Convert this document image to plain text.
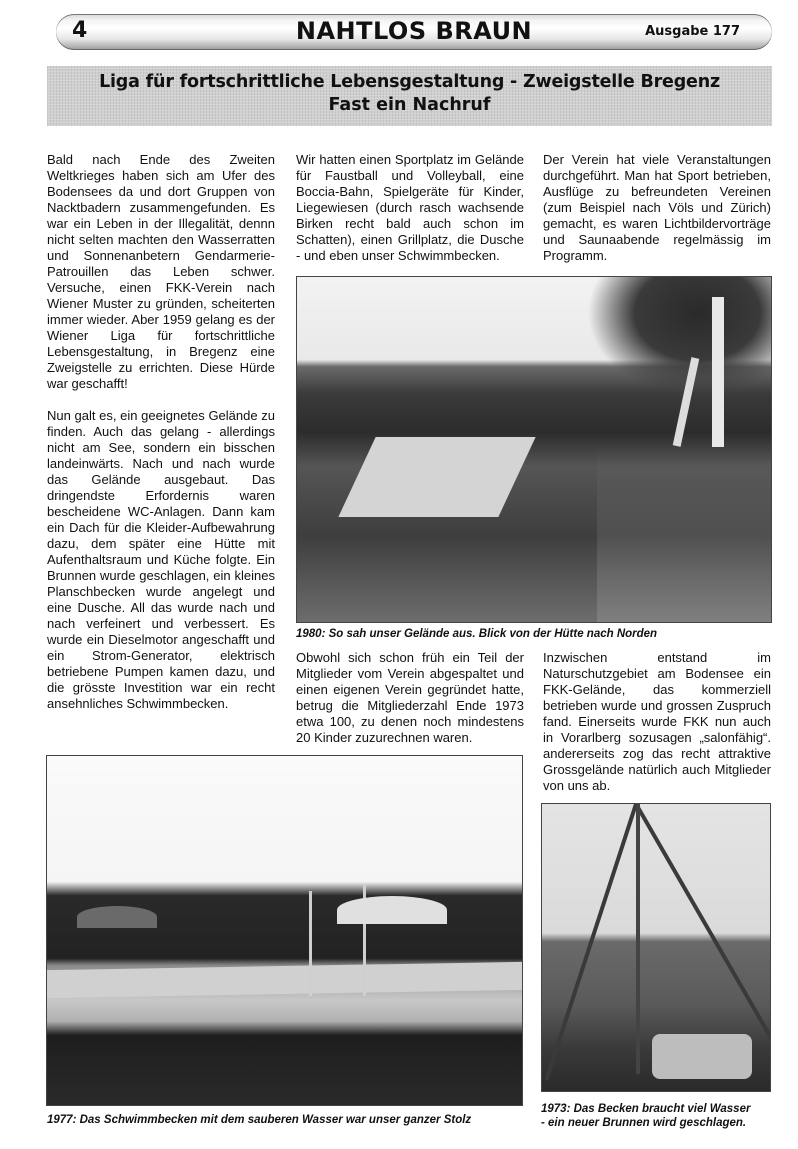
4	NAHTLOS BRAUN	Ausgabe 177
Liga für fortschrittliche Lebensgestaltung - Zweigstelle Bregenz
Fast ein Nachruf

Bald nach Ende des Zweiten Weltkrieges haben sich am Ufer des Bodensees da und dort Gruppen von Nacktbadern zusammengefunden. Es war ein Leben in der Illegalität, dennn nicht selten machten den Wasserratten und Sonnenanbetern Gendarmerie-Patrouillen das Leben schwer. Versuche, einen FKK-Verein nach Wiener Muster zu gründen, scheiterten immer wieder. Aber 1959 gelang es der Wiener Liga für fortschrittliche Lebensgestaltung, in Bregenz eine Zweigstelle zu errichten. Diese Hürde war geschafft!

Nun galt es, ein geeignetes Gelände zu finden. Auch das gelang - allerdings nicht am See, sondern ein bisschen landeinwärts. Nach und nach wurde das Gelände ausgebaut. Das dringendste Erfordernis waren bescheidene WC-Anlagen. Dann kam ein Dach für die Kleider-Aufbewahrung dazu, dem später eine Hütte mit Aufenthaltsraum und Küche folgte. Ein Brunnen wurde geschlagen, ein kleines Planschbecken wurde angelegt und eine Dusche. All das wurde nach und nach verfeinert und verbessert. Es wurde ein Dieselmotor angeschafft und ein Strom-Generator, elektrisch betriebene Pumpen kamen dazu, und die grösste Investition war ein recht ansehnliches Schwimmbecken.

Wir hatten einen Sportplatz im Gelände für Faustball und Volleyball, eine Boccia-Bahn, Spielgeräte für Kinder, Liegewiesen (durch rasch wachsende Birken recht bald auch schon im Schatten), einen Grillplatz, die Dusche - und eben unser Schwimmbecken.

Der Verein hat viele Veranstaltungen durchgeführt. Man hat Sport betrieben, Ausflüge zu befreundeten Vereinen (zum Beispiel nach Völs und Zürich) gemacht, es waren Lichtbildervorträge und Saunaabende regelmässig im Programm.

1980: So sah unser Gelände aus. Blick von der Hütte nach Norden

Obwohl sich schon früh ein Teil der Mitglieder vom Verein abgespaltet und einen eigenen Verein gegründet hatte, betrug die Mitgliederzahl Ende 1973 etwa 100, zu denen noch mindestens 20 Kinder zuzurechnen waren.

Inzwischen entstand im Naturschutzgebiet am Bodensee ein FKK-Gelände, das kommerziell betrieben wurde und grossen Zuspruch fand. Einerseits wurde FKK nun auch in Vorarlberg sozusagen „salonfähig“. andererseits zog das recht attraktive Grossgelände natürlich auch Mitglieder von uns ab.

1977: Das Schwimmbecken mit dem sauberen Wasser war unser ganzer Stolz
1973: Das Becken braucht viel Wasser
- ein neuer Brunnen wird geschlagen.
